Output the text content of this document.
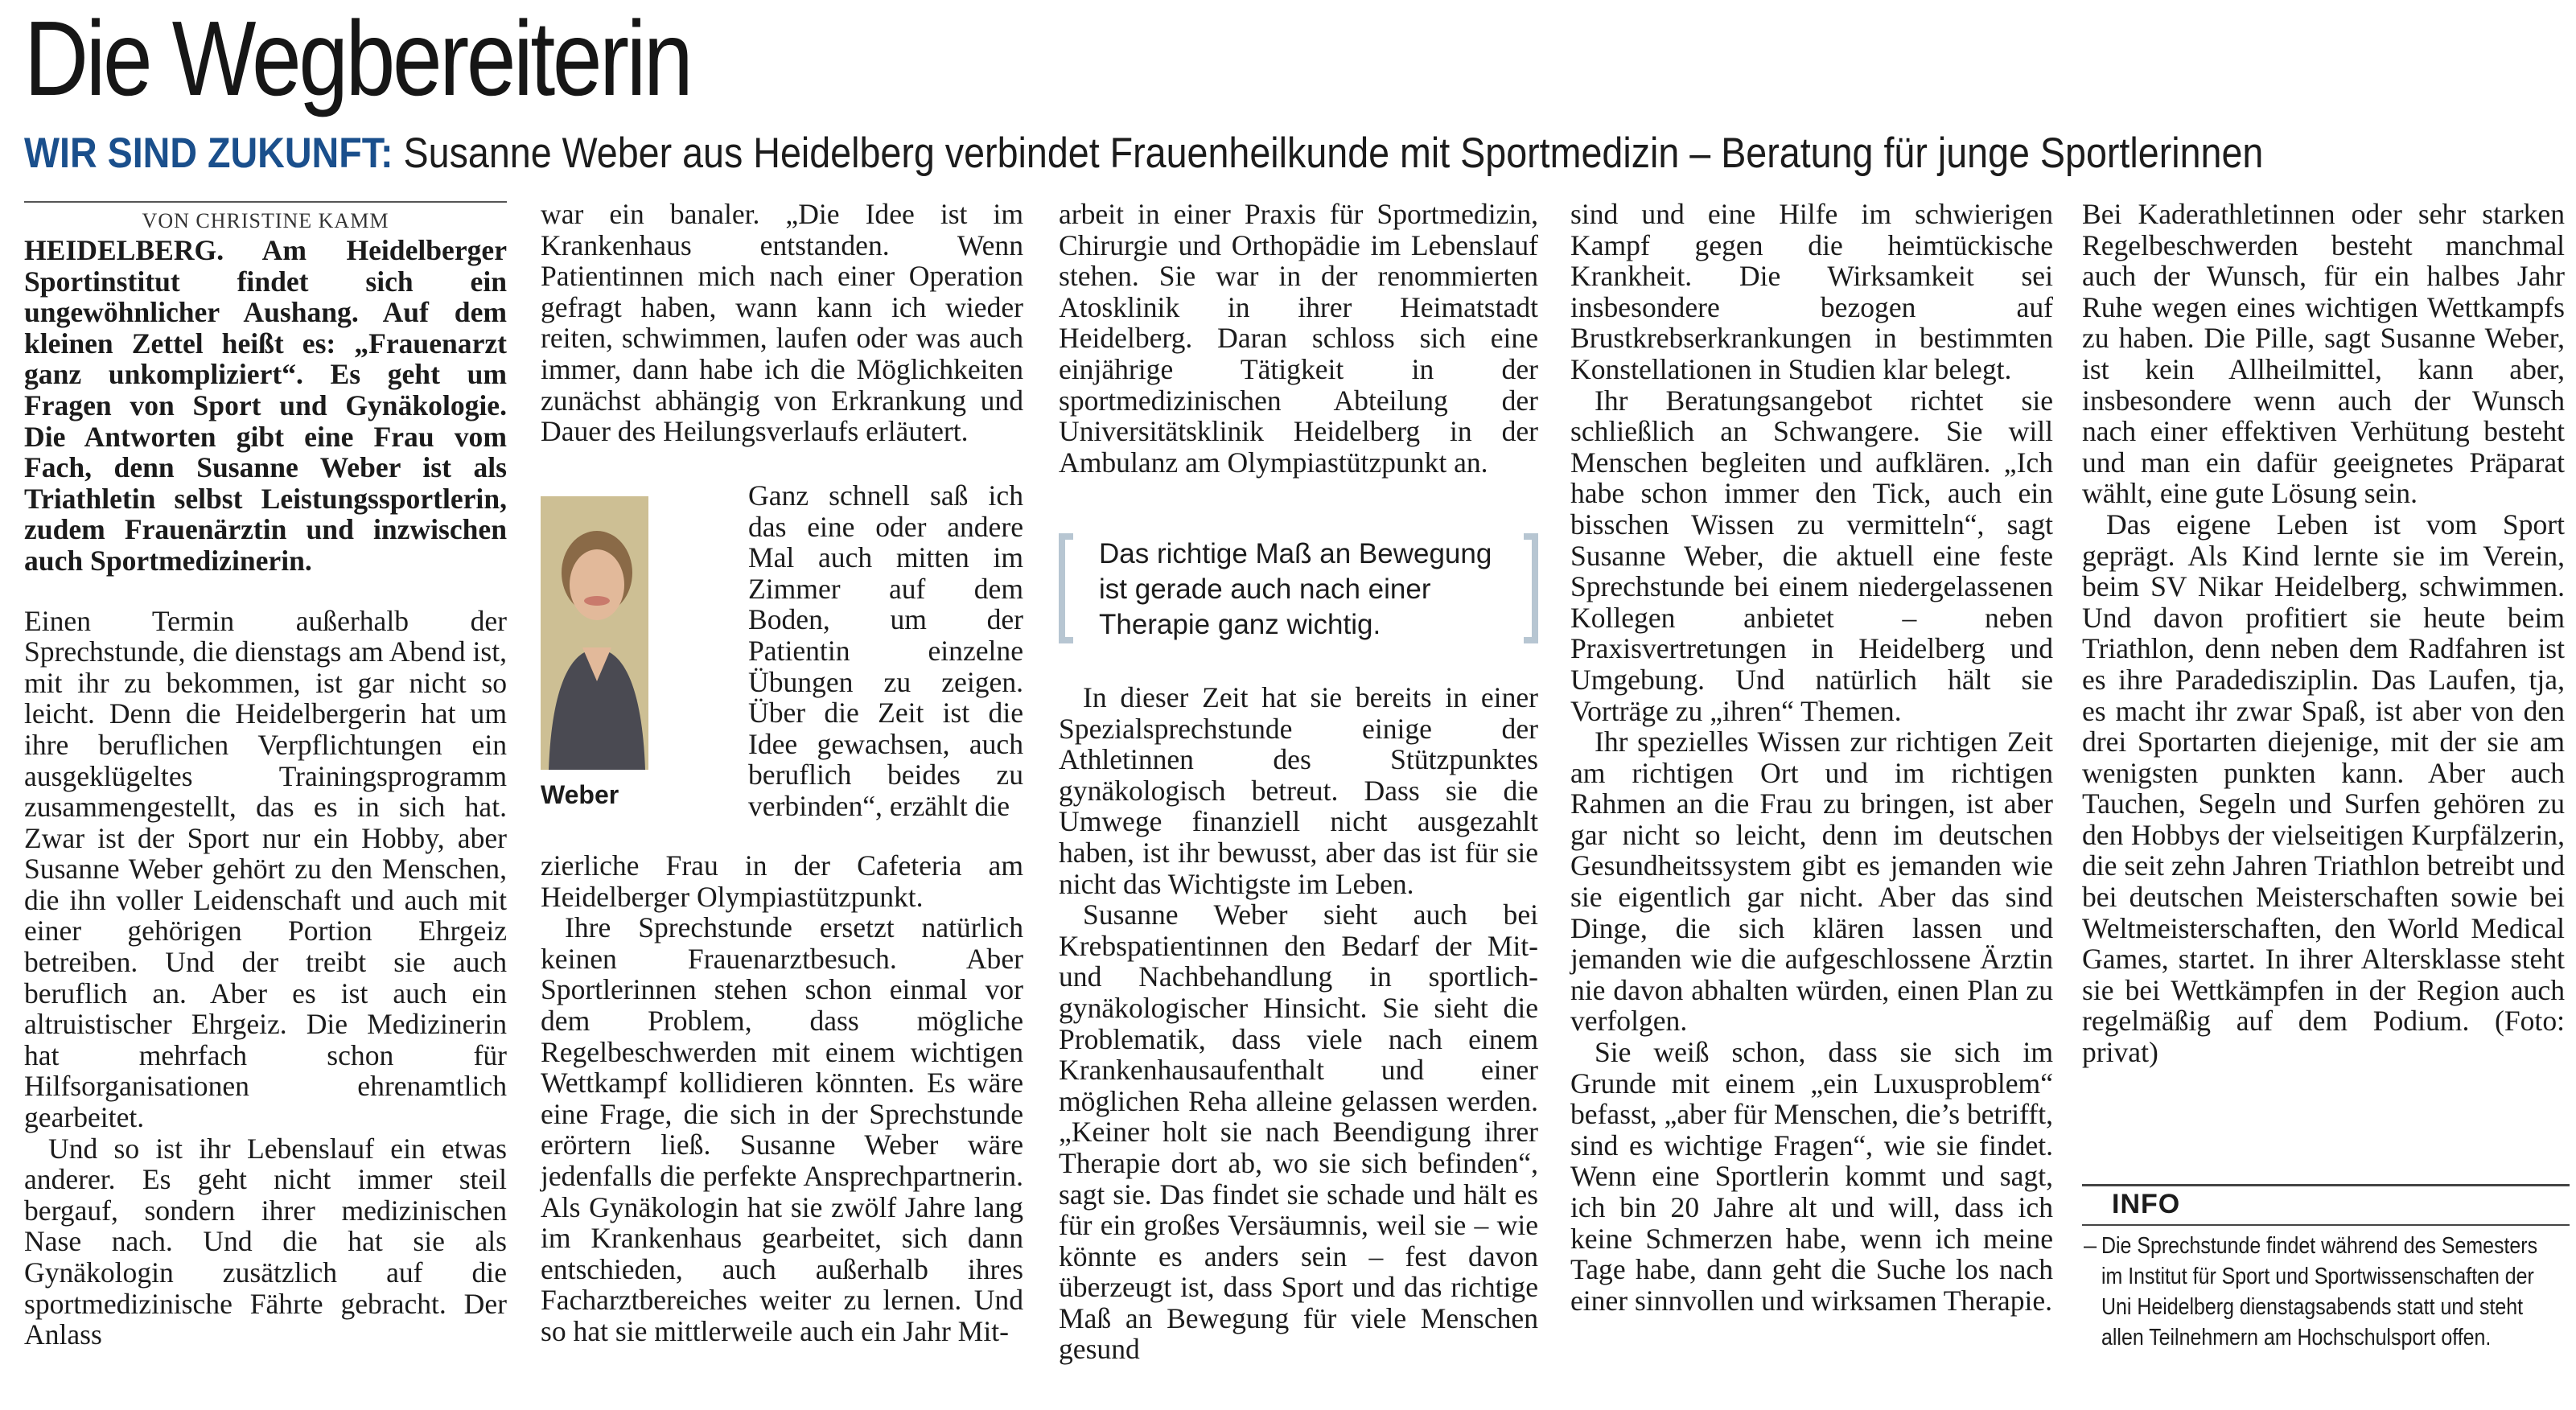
Die Wegbereiterin
WIR SIND ZUKUNFT: Susanne Weber aus Heidelberg verbindet Frauenheilkunde mit Sportmedizin – Beratung für junge Sportlerinnen
VON CHRISTINE KAMM

HEIDELBERG. Am Heidelberger Sportinstitut findet sich ein ungewöhnlicher Aushang. Auf dem kleinen Zettel heißt es: „Frauenarzt ganz unkompliziert“. Es geht um Fragen von Sport und Gynäkologie. Die Antworten gibt eine Frau vom Fach, denn Susanne Weber ist als Triathletin selbst Leistungssportlerin, zudem Frauenärztin und inzwischen auch Sportmedizinerin.

Einen Termin außerhalb der Sprechstunde, die dienstags am Abend ist, mit ihr zu bekommen, ist gar nicht so leicht. Denn die Heidelbergerin hat um ihre beruflichen Verpflichtungen ein ausgeklügeltes Trainingsprogramm zusammengestellt, das es in sich hat. Zwar ist der Sport nur ein Hobby, aber Susanne Weber gehört zu den Menschen, die ihn voller Leidenschaft und auch mit einer gehörigen Portion Ehrgeiz betreiben. Und der treibt sie auch beruflich an. Aber es ist auch ein altruistischer Ehrgeiz. Die Medizinerin hat mehrfach schon für Hilfsorganisationen ehrenamtlich gearbeitet.

Und so ist ihr Lebenslauf ein etwas anderer. Es geht nicht immer steil bergauf, sondern ihrer medizinischen Nase nach. Und die hat sie als Gynäkologin zusätzlich auf die sportmedizinische Fährte gebracht. Der Anlass

war ein banaler. „Die Idee ist im Krankenhaus entstanden. Wenn Patientinnen mich nach einer Operation gefragt haben, wann kann ich wieder reiten, schwimmen, laufen oder was auch immer, dann habe ich die Möglichkeiten zunächst abhängig von Erkrankung und Dauer des Heilungsverlaufs erläutert.

Ganz schnell saß ich das eine oder andere Mal auch mitten im Zimmer auf dem Boden, um der Patientin einzelne Übungen zu zeigen. Über die Zeit ist die Idee gewachsen, auch beruflich beides zu verbinden“, erzählt die

zierliche Frau in der Cafeteria am Heidelberger Olympiastützpunkt.

Ihre Sprechstunde ersetzt natürlich keinen Frauenarztbesuch. Aber Sportlerinnen stehen schon einmal vor dem Problem, dass mögliche Regelbeschwerden mit einem wichtigen Wettkampf kollidieren könnten. Es wäre eine Frage, die sich in der Sprechstunde erörtern ließ. Susanne Weber wäre jedenfalls die perfekte Ansprechpartnerin. Als Gynäkologin hat sie zwölf Jahre lang im Krankenhaus gearbeitet, sich dann entschieden, auch außerhalb ihres Facharztbereiches weiter zu lernen. Und so hat sie mittlerweile auch ein Jahr Mit-

Weber

arbeit in einer Praxis für Sportmedizin, Chirurgie und Orthopädie im Lebenslauf stehen. Sie war in der renommierten Atosklinik in ihrer Heimatstadt Heidelberg. Daran schloss sich eine einjährige Tätigkeit in der sportmedizinischen Abteilung der Universitätsklinik Heidelberg in der Ambulanz am Olympiastützpunkt an.

Das richtige Maß an Bewegung ist gerade auch nach einer Therapie ganz wichtig.

In dieser Zeit hat sie bereits in einer Spezialsprechstunde einige der Athletinnen des Stützpunktes gynäkologisch betreut. Dass sie die Umwege finanziell nicht ausgezahlt haben, ist ihr bewusst, aber das ist für sie nicht das Wichtigste im Leben.

Susanne Weber sieht auch bei Krebspatientinnen den Bedarf der Mit- und Nachbehandlung in sportlich-gynäkologischer Hinsicht. Sie sieht die Problematik, dass viele nach einem Krankenhausaufenthalt und einer möglichen Reha alleine gelassen werden. „Keiner holt sie nach Beendigung ihrer Therapie dort ab, wo sie sich befinden“, sagt sie. Das findet sie schade und hält es für ein großes Versäumnis, weil sie – wie könnte es anders sein – fest davon überzeugt ist, dass Sport und das richtige Maß an Bewegung für viele Menschen gesund

sind und eine Hilfe im schwierigen Kampf gegen die heimtückische Krankheit. Die Wirksamkeit sei insbesondere bezogen auf Brustkrebserkrankungen in bestimmten Konstellationen in Studien klar belegt.

Ihr Beratungsangebot richtet sie schließlich an Schwangere. Sie will Menschen begleiten und aufklären. „Ich habe schon immer den Tick, auch ein bisschen Wissen zu vermitteln“, sagt Susanne Weber, die aktuell eine feste Sprechstunde bei einem niedergelassenen Kollegen anbietet – neben Praxisvertretungen in Heidelberg und Umgebung. Und natürlich hält sie Vorträge zu „ihren“ Themen.

Ihr spezielles Wissen zur richtigen Zeit am richtigen Ort und im richtigen Rahmen an die Frau zu bringen, ist aber gar nicht so leicht, denn im deutschen Gesundheitssystem gibt es jemanden wie sie eigentlich gar nicht. Aber das sind Dinge, die sich klären lassen und jemanden wie die aufgeschlossene Ärztin nie davon abhalten würden, einen Plan zu verfolgen.

Sie weiß schon, dass sie sich im Grunde mit einem „ein Luxusproblem“ befasst, „aber für Menschen, die’s betrifft, sind es wichtige Fragen“, wie sie findet. Wenn eine Sportlerin kommt und sagt, ich bin 20 Jahre alt und will, dass ich keine Schmerzen habe, wenn ich meine Tage habe, dann geht die Suche los nach einer sinnvollen und wirksamen Therapie.

Bei Kaderathletinnen oder sehr starken Regelbeschwerden besteht manchmal auch der Wunsch, für ein halbes Jahr Ruhe wegen eines wichtigen Wettkampfs zu haben. Die Pille, sagt Susanne Weber, ist kein Allheilmittel, kann aber, insbesondere wenn auch der Wunsch nach einer effektiven Verhütung besteht und man ein dafür geeignetes Präparat wählt, eine gute Lösung sein.

Das eigene Leben ist vom Sport geprägt. Als Kind lernte sie im Verein, beim SV Nikar Heidelberg, schwimmen. Und davon profitiert sie heute beim Triathlon, denn neben dem Radfahren ist es ihre Paradedisziplin. Das Laufen, tja, es macht ihr zwar Spaß, ist aber von den drei Sportarten diejenige, mit der sie am wenigsten punkten kann. Aber auch Tauchen, Segeln und Surfen gehören zu den Hobbys der vielseitigen Kurpfälzerin, die seit zehn Jahren Triathlon betreibt und bei deutschen Meisterschaften sowie bei Weltmeisterschaften, den World Medical Games, startet. In ihrer Altersklasse steht sie bei Wettkämpfen in der Region auch regelmäßig auf dem Podium. (Foto: privat)

INFO
– Die Sprechstunde findet während des Semesters im Institut für Sport und Sportwissenschaften der Uni Heidelberg dienstagsabends statt und steht allen Teilnehmern am Hochschulsport offen.
